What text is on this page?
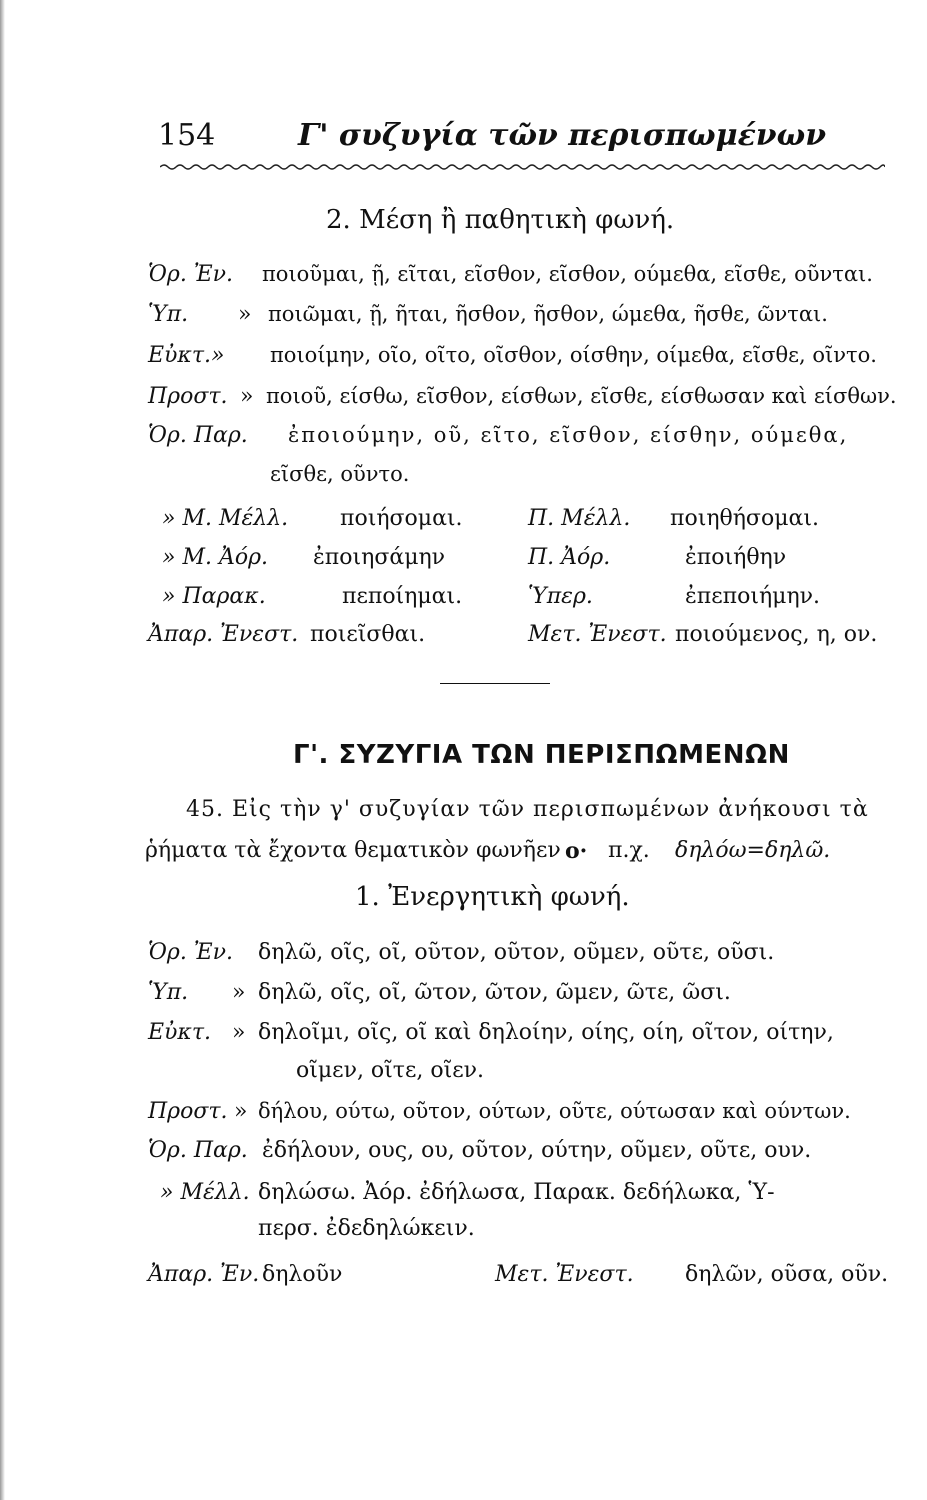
154	Γ' συζυγία τῶν περισπωμένων
2. Μέση ἢ παθητικὴ φωνή.
Ὁρ. Ἐν. ποιοῦμαι, ῇ, εῖται, εῖσθον, εῖσθον, ούμεθα, εῖσθε, οῦνται.
Ὑπ. » ποιῶμαι, ῇ, ῆται, ῆσθον, ῆσθον, ώμεθα, ῆσθε, ῶνται.
Εὐκτ.» ποιοίμην, οῖο, οῖτο, οῖσθον, οίσθην, οίμεθα, εῖσθε, οῖντο.
Προστ. » ποιοῦ, είσθω, εῖσθον, είσθων, εῖσθε, είσθωσαν καὶ είσθων.
Ὁρ. Παρ. ἐποιούμην, οῦ, εῖτο, εῖσθον, είσθην, ούμεθα,
εῖσθε, οῦντο.
» Μ. Μέλλ. ποιήσομαι.	Π. Μέλλ. ποιηθήσομαι.
» Μ. Ἀόρ. ἐποιησάμην	Π. Ἀόρ.	ἐποιήθην
» Παρακ.	πεποίημαι.	Ὑπερ.	ἐπεποιήμην.
Ἀπαρ. Ἐνεστ. ποιεῖσθαι.	Μετ. Ἐνεστ. ποιούμενος, η, ον.
Γ'. ΣΥΖΥΓΙΑ ΤΩΝ ΠΕΡΙΣΠΩΜΕΝΩΝ
45. Εἰς τὴν γ' συζυγίαν τῶν περισπωμένων ἀνήκουσι τὰ
ῥήματα τὰ ἔχοντα θεματικὸν φωνῆεν ο· π.χ. δηλόω=δηλῶ.
1. Ἐνεργητικὴ φωνή.
Ὁρ. Ἐν. δηλῶ, οῖς, οῖ, οῦτον, οῦτον, οῦμεν, οῦτε, οῦσι.
Ὑπ. » δηλῶ, οῖς, οῖ, ῶτον, ῶτον, ῶμεν, ῶτε, ῶσι.
Εὐκτ. » δηλοῖμι, οῖς, οῖ καὶ δηλοίην, οίης, οίη, οῖτον, οίτην,
οῖμεν, οῖτε, οῖεν.
Προστ. » δήλου, ούτω, οῦτον, ούτων, οῦτε, ούτωσαν καὶ ούντων.
Ὁρ. Παρ. ἐδήλουν, ους, ου, οῦτον, ούτην, οῦμεν, οῦτε, ουν.
» Μέλλ. δηλώσω. Ἀόρ. ἐδήλωσα, Παρακ. δεδήλωκα, Ὑ-
περσ. ἐδεδηλώκειν.
Ἀπαρ. Ἐν. δηλοῦν	Μετ. Ἐνεστ. δηλῶν, οῦσα, οῦν.
